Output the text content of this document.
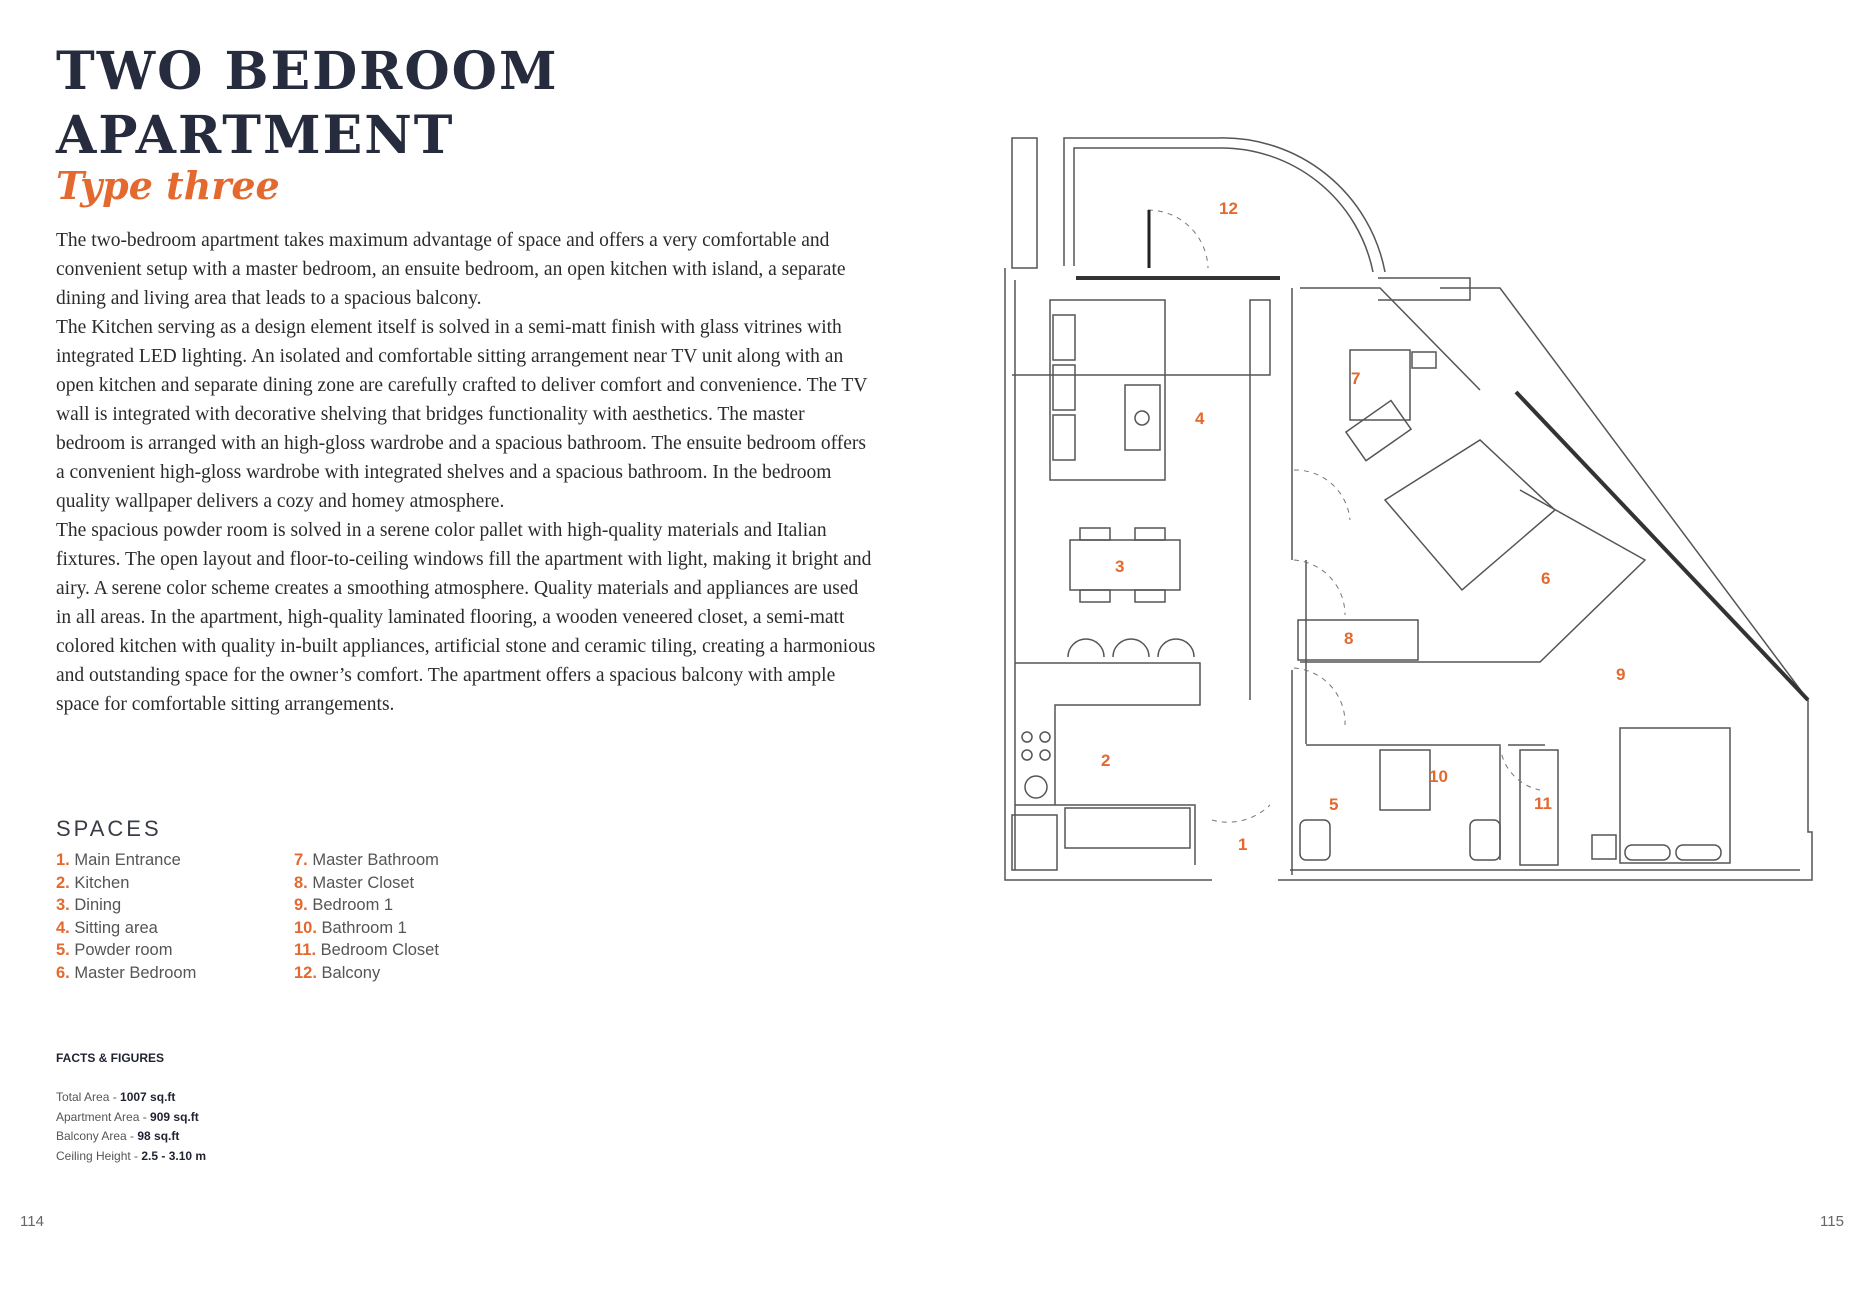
TWO BEDROOM
APARTMENT
Type three

The two-bedroom apartment takes maximum advantage of space and offers a very comfortable and convenient setup with a master bedroom, an ensuite bedroom, an open kitchen with island, a separate dining and living area that leads to a spacious balcony.

The Kitchen serving as a design element itself is solved in a semi-matt finish with glass vitrines with integrated LED lighting. An isolated and comfortable sitting arrangement near TV unit along with an open kitchen and separate dining zone are carefully crafted to deliver comfort and convenience. The TV wall is integrated with decorative shelving that bridges functionality with aesthetics. The master bedroom is arranged with an high-gloss wardrobe and a spacious bathroom. The ensuite bedroom offers a convenient high-gloss wardrobe with integrated shelves and a spacious bathroom. In the bedroom quality wallpaper delivers a cozy and homey atmosphere.

The spacious powder room is solved in a serene color pallet with high-quality materials and Italian fixtures. The open layout and floor-to-ceiling windows fill the apartment with light, making it bright and airy. A serene color scheme creates a smoothing atmosphere. Quality materials and appliances are used in all areas. In the apartment, high-quality laminated flooring, a wooden veneered closet, a semi-matt colored kitchen with quality in-built appliances, artificial stone and ceramic tiling, creating a harmonious and outstanding space for the owner’s comfort. The apartment offers a spacious balcony with ample space for comfortable sitting arrangements.

SPACES
1. Main Entrance
2. Kitchen
3. Dining
4. Sitting area
5. Powder room
6. Master Bedroom
7. Master Bathroom
8. Master Closet
9. Bedroom 1
10. Bathroom 1
11. Bedroom Closet
12. Balcony
FACTS & FIGURES
Total Area - 1007 sq.ft
Apartment Area - 909 sq.ft
Balcony Area - 98 sq.ft
Ceiling Height - 2.5 - 3.10 m
114	115
1
2
3
4
5
6
7
8
9
10
11
12
